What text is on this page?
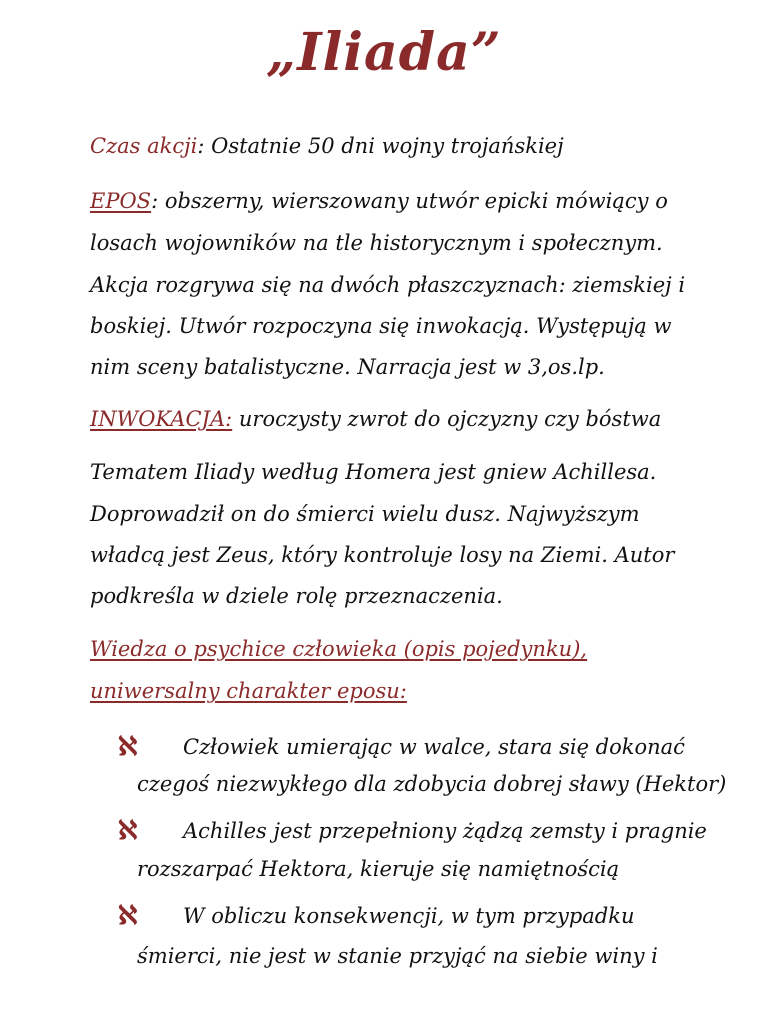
„Iliada”
Czas akcji: Ostatnie 50 dni wojny trojańskiej
EPOS: obszerny, wierszowany utwór epicki mówiący o
losach wojowników na tle historycznym i społecznym.
Akcja rozgrywa się na dwóch płaszczyznach: ziemskiej i
boskiej. Utwór rozpoczyna się inwokacją. Występują w
nim sceny batalistyczne. Narracja jest w 3,os.lp.
INWOKACJA: uroczysty zwrot do ojczyzny czy bóstwa
Tematem Iliady według Homera jest gniew Achillesa.
Doprowadził on do śmierci wielu dusz. Najwyższym
władcą jest Zeus, który kontroluje losy na Ziemi. Autor
podkreśla w dziele rolę przeznaczenia.
Wiedza o psychice człowieka (opis pojedynku),
uniwersalny charakter eposu:
ℵ Człowiek umierając w walce, stara się dokonać
czegoś niezwykłego dla zdobycia dobrej sławy (Hektor)
ℵ Achilles jest przepełniony żądzą zemsty i pragnie
rozszarpać Hektora, kieruje się namiętnością
ℵ W obliczu konsekwencji, w tym przypadku
śmierci, nie jest w stanie przyjąć na siebie winy i
